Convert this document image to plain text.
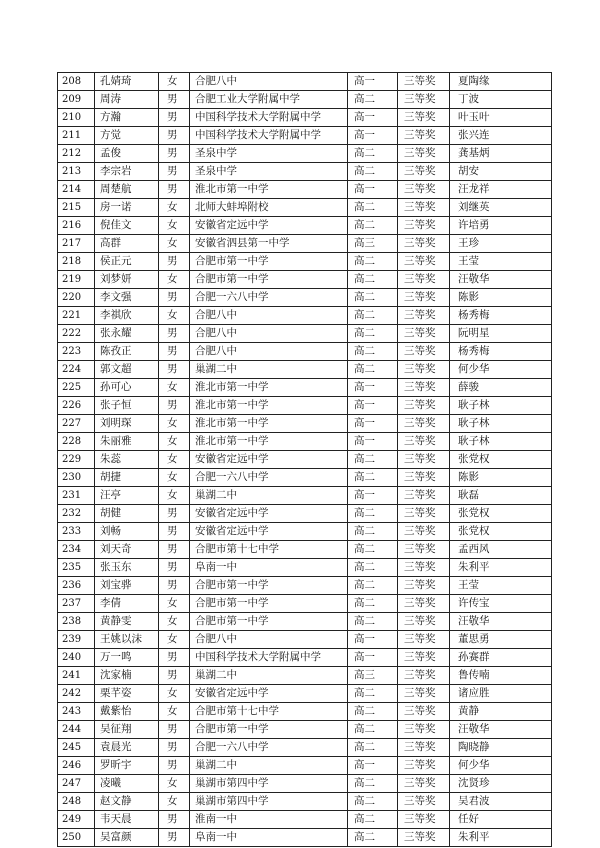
208	孔婧琦	女	合肥八中	高一	三等奖	夏陶缘
209	周涛	男	合肥工业大学附属中学	高二	三等奖	丁波
210	方瀚	男	中国科学技术大学附属中学	高一	三等奖	叶玉叶
211	方觉	男	中国科学技术大学附属中学	高一	三等奖	张兴连
212	孟俊	男	圣泉中学	高二	三等奖	龚基炳
213	李宗岩	男	圣泉中学	高二	三等奖	胡安
214	周楚航	男	淮北市第一中学	高一	三等奖	汪龙祥
215	房一诺	女	北师大蚌埠附校	高二	三等奖	刘继英
216	倪佳文	女	安徽省定远中学	高二	三等奖	许培勇
217	高群	女	安徽省泗县第一中学	高三	三等奖	王珍
218	侯正元	男	合肥市第一中学	高二	三等奖	王莹
219	刘梦妍	女	合肥市第一中学	高二	三等奖	汪敬华
220	李文强	男	合肥一六八中学	高二	三等奖	陈影
221	李祺欣	女	合肥八中	高二	三等奖	杨秀梅
222	张永耀	男	合肥八中	高二	三等奖	阮明星
223	陈孜正	男	合肥八中	高二	三等奖	杨秀梅
224	郭文超	男	巢湖二中	高二	三等奖	何少华
225	孙可心	女	淮北市第一中学	高一	三等奖	薛骏
226	张子恒	男	淮北市第一中学	高一	三等奖	耿子林
227	刘明琛	女	淮北市第一中学	高一	三等奖	耿子林
228	朱丽雅	女	淮北市第一中学	高一	三等奖	耿子林
229	朱蕊	女	安徽省定远中学	高二	三等奖	张党权
230	胡捷	女	合肥一六八中学	高二	三等奖	陈影
231	汪亭	女	巢湖二中	高一	三等奖	耿磊
232	胡健	男	安徽省定远中学	高二	三等奖	张党权
233	刘畅	男	安徽省定远中学	高二	三等奖	张党权
234	刘天奇	男	合肥市第十七中学	高二	三等奖	孟西风
235	张玉东	男	阜南一中	高二	三等奖	朱利平
236	刘宝骅	男	合肥市第一中学	高二	三等奖	王莹
237	李倩	女	合肥市第一中学	高二	三等奖	许传宝
238	黄静雯	女	合肥市第一中学	高二	三等奖	汪敬华
239	王姚以沫	女	合肥八中	高一	三等奖	董思勇
240	万一鸣	男	中国科学技术大学附属中学	高一	三等奖	孙赛群
241	沈家楠	男	巢湖二中	高三	三等奖	鲁传喃
242	栗芊姿	女	安徽省定远中学	高二	三等奖	诸应胜
243	戴紫怡	女	合肥市第十七中学	高二	三等奖	黄静
244	吴征翔	男	合肥市第一中学	高二	三等奖	汪敬华
245	袁晨光	男	合肥一六八中学	高二	三等奖	陶晓静
246	罗昕宇	男	巢湖二中	高一	三等奖	何少华
247	凌曦	女	巢湖市第四中学	高二	三等奖	沈贤珍
248	赵文静	女	巢湖市第四中学	高二	三等奖	吴君波
249	韦天晨	男	淮南一中	高二	三等奖	任好
250	吴富颜	男	阜南一中	高二	三等奖	朱利平
